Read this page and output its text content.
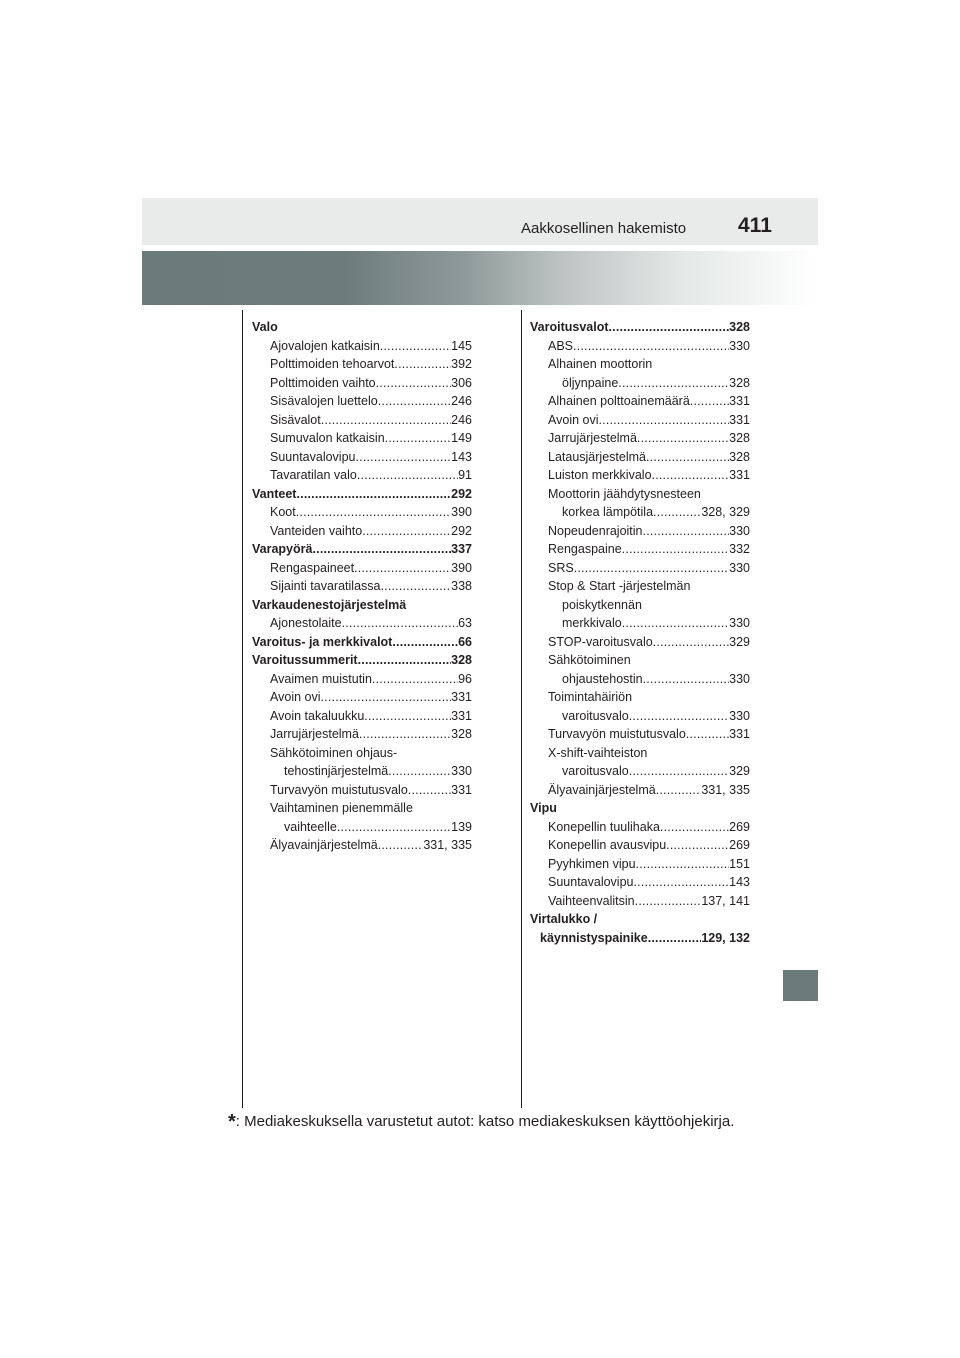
Aakkosellinen hakemisto 411
Valo
Ajovalojen katkaisin .....	145
Polttimoiden tehoarvot .....	392
Polttimoiden vaihto .....	306
Sisävalojen luettelo .....	246
Sisävalot .....	246
Sumuvalon katkaisin .....	149
Suuntavalovipu .....	143
Tavaratilan valo .....	91
Vanteet .....	292
Koot .....	390
Vanteiden vaihto .....	292
Varapyörä .....	337
Rengaspaineet .....	390
Sijainti tavaratilassa .....	338
Varkaudenestojärjestelmä
Ajonestolaite .....	63
Varoitus- ja merkkivalot .....	66
Varoitussummerit .....	328
Avaimen muistutin .....	96
Avoin ovi .....	331
Avoin takaluukku .....	331
Jarrujärjestelmä .....	328
Sähkötoiminen ohjaus-
tehostinjärjestelmä .....	330
Turvavyön muistutusvalo .....	331
Vaihtaminen pienemmälle
vaihteelle .....	139
Älyavainjärjestelmä .....	331, 335
Varoitusvalot .....	328
ABS .....	330
Alhainen moottorin
öljynpaine .....	328
Alhainen polttoainemäärä .....	331
Avoin ovi .....	331
Jarrujärjestelmä .....	328
Latausjärjestelmä .....	328
Luiston merkkivalo .....	331
Moottorin jäähdytysnesteen
korkea lämpötila .....	328, 329
Nopeudenrajoitin .....	330
Rengaspaine .....	332
SRS .....	330
Stop & Start -järjestelmän
poiskytkennän
merkkivalo .....	330
STOP-varoitusvalo .....	329
Sähkötoiminen
ohjaustehostin .....	330
Toimintahäiriön
varoitusvalo .....	330
Turvavyön muistutusvalo .....	331
X-shift-vaihteiston
varoitusvalo .....	329
Älyavainjärjestelmä .....	331, 335
Vipu
Konepellin tuulihaka .....	269
Konepellin avausvipu .....	269
Pyyhkimen vipu .....	151
Suuntavalovipu .....	143
Vaihteenvalitsin .....	137, 141
Virtalukko /
käynnistyspainike .....	129, 132
*: Mediakeskuksella varustetut autot: katso mediakeskuksen käyttöohjekirja.
